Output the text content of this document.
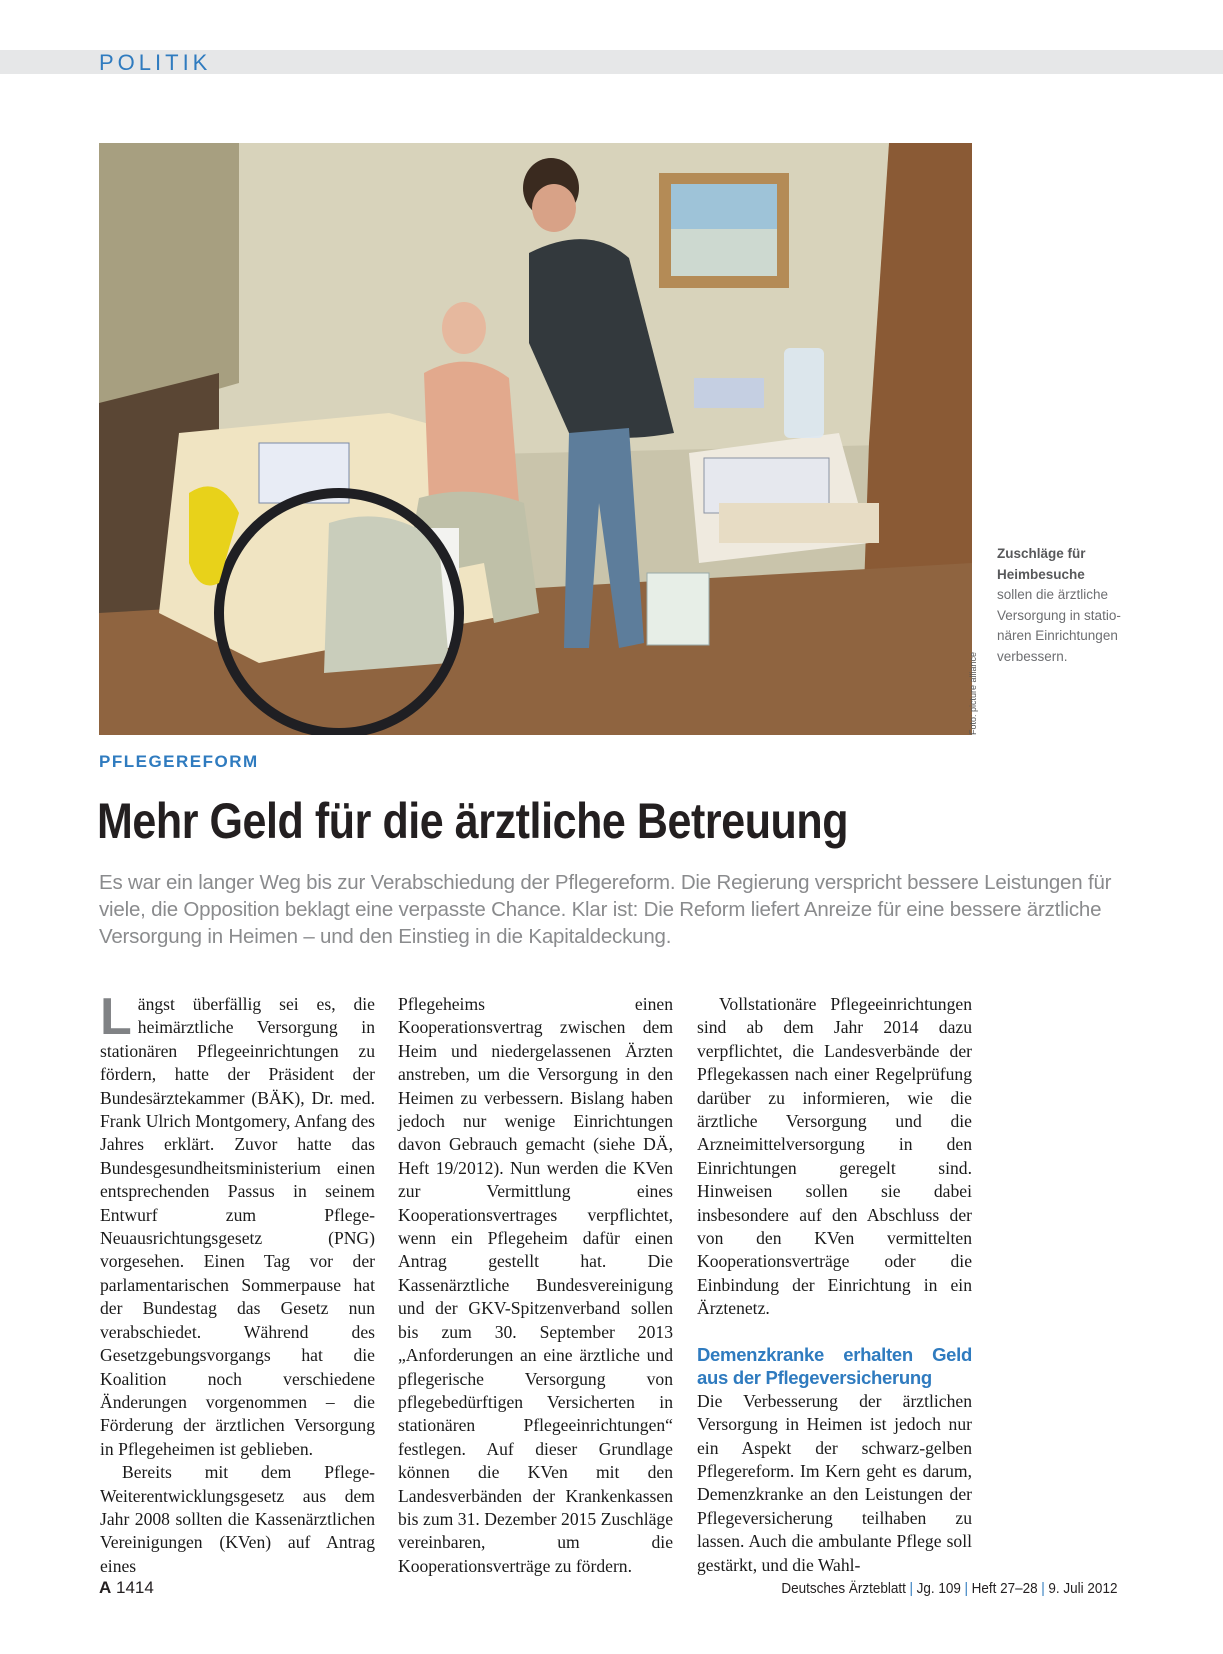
POLITIK
Foto: picture alliance
Zuschläge für Heimbesuche
sollen die ärztliche Versorgung in stationären Einrichtungen verbessern.
PFLEGEREFORM
Mehr Geld für die ärztliche Betreuung
Es war ein langer Weg bis zur Verabschiedung der Pflegereform. Die Regierung verspricht bessere Leistungen für viele, die Opposition beklagt eine verpasste Chance. Klar ist: Die Reform liefert Anreize für eine bessere ärztliche Versorgung in Heimen – und den Einstieg in die Kapitaldeckung.

Längst überfällig sei es, die heimärztliche Versorgung in stationären Pflegeeinrichtungen zu fördern, hatte der Präsident der Bundesärztekammer (BÄK), Dr. med. Frank Ulrich Montgomery, Anfang des Jahres erklärt. Zuvor hatte das Bundesgesundheitsministerium einen entsprechenden Passus in seinem Entwurf zum Pflege-Neuausrichtungsgesetz (PNG) vorgesehen. Einen Tag vor der parlamentarischen Sommerpause hat der Bundestag das Gesetz nun verabschiedet. Während des Gesetzgebungsvorgangs hat die Koalition noch verschiedene Änderungen vorgenommen – die Förderung der ärztlichen Versorgung in Pflegeheimen ist geblieben.

Bereits mit dem Pflege-Weiterentwicklungsgesetz aus dem Jahr 2008 sollten die Kassenärztlichen Vereinigungen (KVen) auf Antrag eines

Pflegeheims einen Kooperationsvertrag zwischen dem Heim und niedergelassenen Ärzten anstreben, um die Versorgung in den Heimen zu verbessern. Bislang haben jedoch nur wenige Einrichtungen davon Gebrauch gemacht (siehe DÄ, Heft 19/2012). Nun werden die KVen zur Vermittlung eines Kooperationsvertrages verpflichtet, wenn ein Pflegeheim dafür einen Antrag gestellt hat. Die Kassenärztliche Bundesvereinigung und der GKV-Spitzenverband sollen bis zum 30. September 2013 „Anforderungen an eine ärztliche und pflegerische Versorgung von pflegebedürftigen Versicherten in stationären Pflegeeinrichtungen“ festlegen. Auf dieser Grundlage können die KVen mit den Landesverbänden der Krankenkassen bis zum 31. Dezember 2015 Zuschläge vereinbaren, um die Kooperationsverträge zu fördern.

Vollstationäre Pflegeeinrichtungen sind ab dem Jahr 2014 dazu verpflichtet, die Landesverbände der Pflegekassen nach einer Regelprüfung darüber zu informieren, wie die ärztliche Versorgung und die Arzneimittelversorgung in den Einrichtungen geregelt sind. Hinweisen sollen sie dabei insbesondere auf den Abschluss der von den KVen vermittelten Kooperationsverträge oder die Einbindung der Einrichtung in ein Ärztenetz.

Demenzkranke erhalten Geld aus der Pflegeversicherung

Die Verbesserung der ärztlichen Versorgung in Heimen ist jedoch nur ein Aspekt der schwarz-gelben Pflegereform. Im Kern geht es darum, Demenzkranke an den Leistungen der Pflegeversicherung teilhaben zu lassen. Auch die ambulante Pflege soll gestärkt, und die Wahl-

A 1414	Deutsches Ärzteblatt | Jg. 109 | Heft 27–28 | 9. Juli 2012
